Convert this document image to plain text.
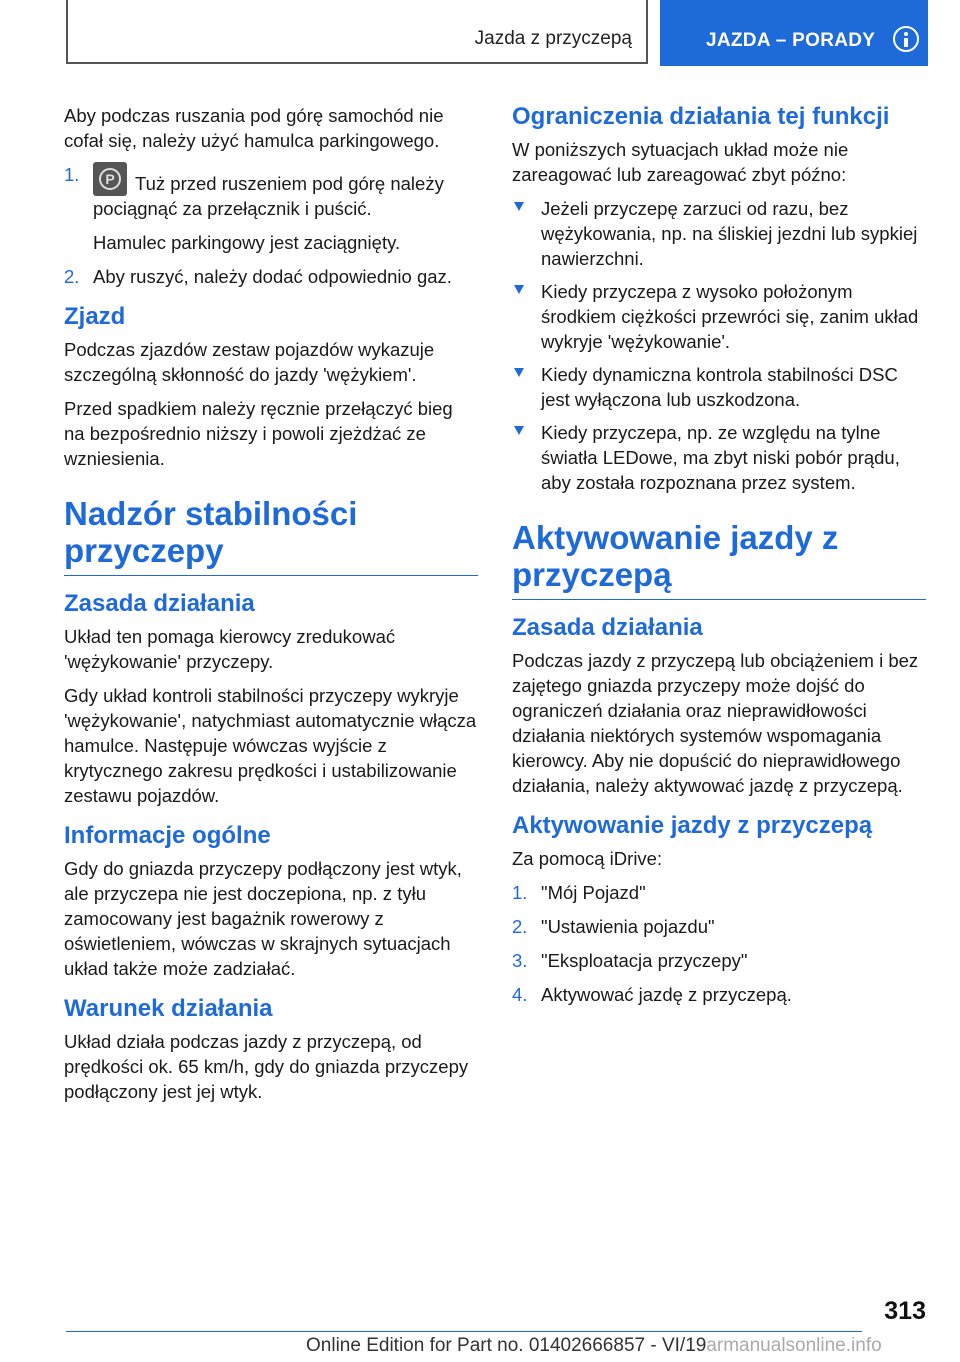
Jazda z przyczepą	JAZDA – PORADY

Aby podczas ruszania pod górę samochód nie cofał się, należy użyć hamulca parkingowego.

1.	P	Tuż przed ruszeniem pod górę należy pociągnąć za przełącznik i puścić.
Hamulec parkingowy jest zaciągnięty.
2. Aby ruszyć, należy dodać odpowiednio gaz.
Zjazd

Podczas zjazdów zestaw pojazdów wykazuje szczególną skłonność do jazdy 'wężykiem'.

Przed spadkiem należy ręcznie przełączyć bieg na bezpośrednio niższy i powoli zjeżdżać ze wzniesienia.

Nadzór stabilności przyczepy
Zasada działania

Układ ten pomaga kierowcy zredukować 'wężykowanie' przyczepy.

Gdy układ kontroli stabilności przyczepy wykryje 'wężykowanie', natychmiast automatycznie włącza hamulce. Następuje wówczas wyjście z krytycznego zakresu prędkości i ustabilizowanie zestawu pojazdów.

Informacje ogólne

Gdy do gniazda przyczepy podłączony jest wtyk, ale przyczepa nie jest doczepiona, np. z tyłu zamocowany jest bagażnik rowerowy z oświetleniem, wówczas w skrajnych sytuacjach układ także może zadziałać.

Warunek działania

Układ działa podczas jazdy z przyczepą, od prędkości ok. 65 km/h, gdy do gniazda przyczepy podłączony jest jej wtyk.

Ograniczenia działania tej funkcji

W poniższych sytuacjach układ może nie zareagować lub zareagować zbyt późno:

Jeżeli przyczepę zarzuci od razu, bez wężykowania, np. na śliskiej jezdni lub sypkiej nawierzchni.
Kiedy przyczepa z wysoko położonym środkiem ciężkości przewróci się, zanim układ wykryje 'wężykowanie'.
Kiedy dynamiczna kontrola stabilności DSC jest wyłączona lub uszkodzona.
Kiedy przyczepa, np. ze względu na tylne światła LEDowe, ma zbyt niski pobór prądu, aby została rozpoznana przez system.
Aktywowanie jazdy z przyczepą
Zasada działania

Podczas jazdy z przyczepą lub obciążeniem i bez zajętego gniazda przyczepy może dojść do ograniczeń działania oraz nieprawidłowości działania niektórych systemów wspomagania kierowcy. Aby nie dopuścić do nieprawidłowego działania, należy aktywować jazdę z przyczepą.

Aktywowanie jazdy z przyczepą

Za pomocą iDrive:

1. "Mój Pojazd"
2. "Ustawienia pojazdu"
3. "Eksploatacja przyczepy"
4. Aktywować jazdę z przyczepą.
313
Online Edition for Part no. 01402666857 - VI/19armanualsonline.info
